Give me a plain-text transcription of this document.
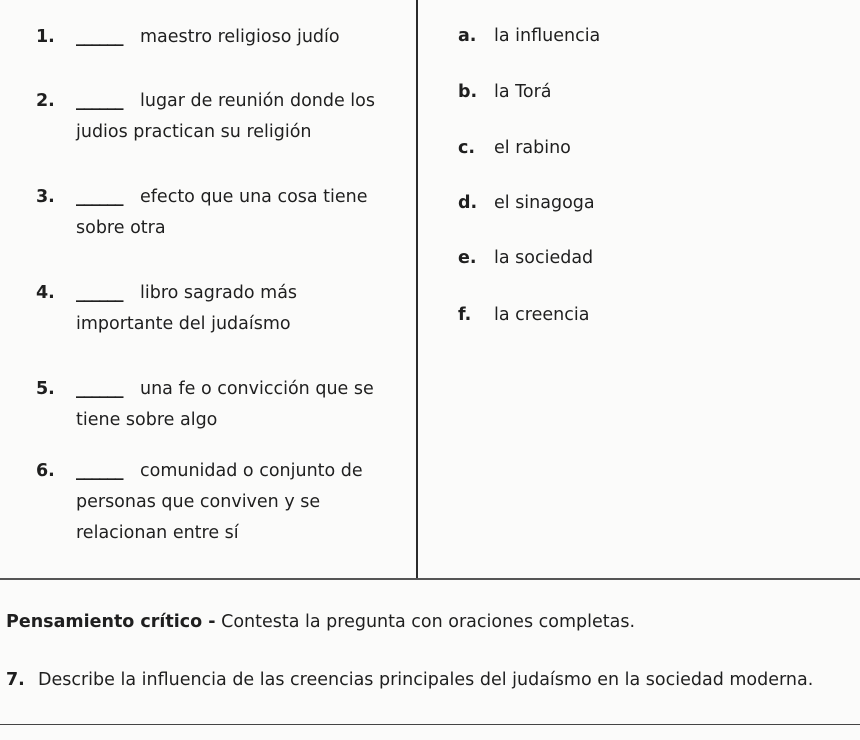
1.	______	maestro religioso judío
2.	______	lugar de reunión donde los
judios practican su religión
3.	______	efecto que una cosa tiene
sobre otra
4.	______	libro sagrado más
importante del judaísmo
5.	______	una fe o convicción que se
tiene sobre algo
6.	______	comunidad o conjunto de
personas que conviven y se
relacionan entre sí
a.	la influencia
b. la Torá
c.	el rabino
d. el sinagoga
e. la sociedad
f.	la creencia
Pensamiento crítico - Contesta la pregunta con oraciones completas.
7. Describe la influencia de las creencias principales del judaísmo en la sociedad moderna.
